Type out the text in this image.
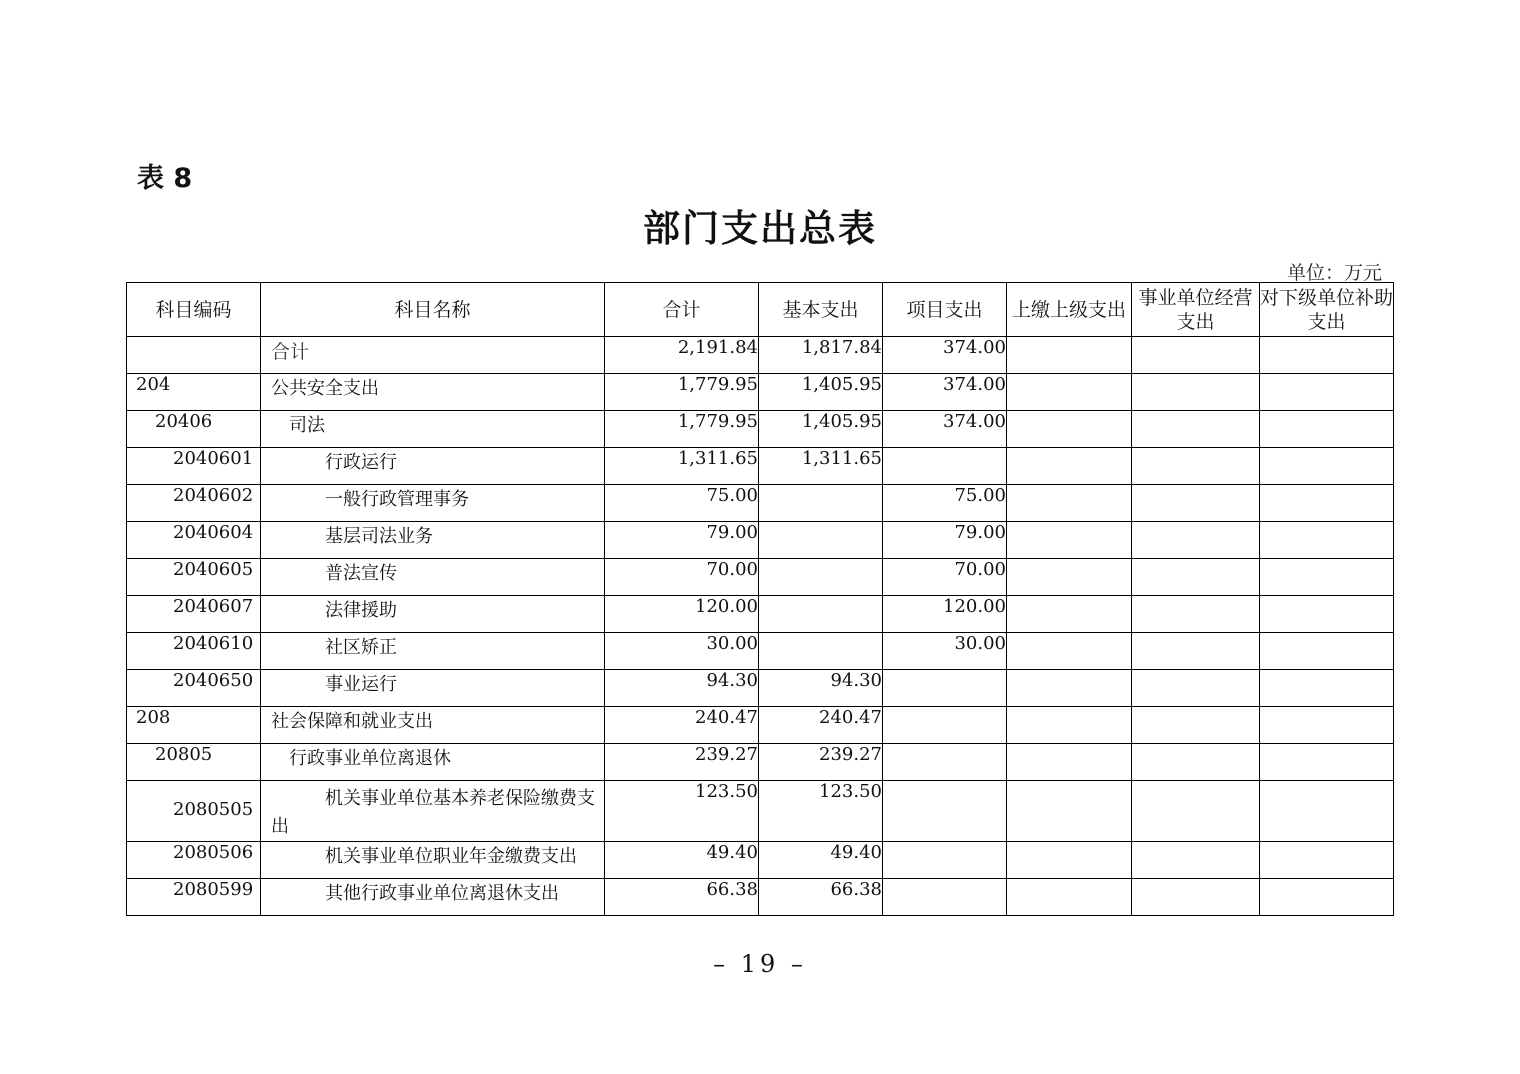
表 8
部门支出总表
单位：万元
科目编码	科目名称	合计	基本支出	项目支出	上缴上级支出	事业单位经营支出	对下级单位补助支出
	合计	2,191.84	1,817.84	374.00			
204	公共安全支出	1,779.95	1,405.95	374.00			
20406	司法	1,779.95	1,405.95	374.00			
2040601	行政运行	1,311.65	1,311.65				
2040602	一般行政管理事务	75.00		75.00			
2040604	基层司法业务	79.00		79.00			
2040605	普法宣传	70.00		70.00			
2040607	法律援助	120.00		120.00			
2040610	社区矫正	30.00		30.00			
2040650	事业运行	94.30	94.30				
208	社会保障和就业支出	240.47	240.47				
20805	行政事业单位离退休	239.27	239.27				
2080505	机关事业单位基本养老保险缴费支出	123.50	123.50				
2080506	机关事业单位职业年金缴费支出	49.40	49.40				
2080599	其他行政事业单位离退休支出	66.38	66.38				
– 19 –
